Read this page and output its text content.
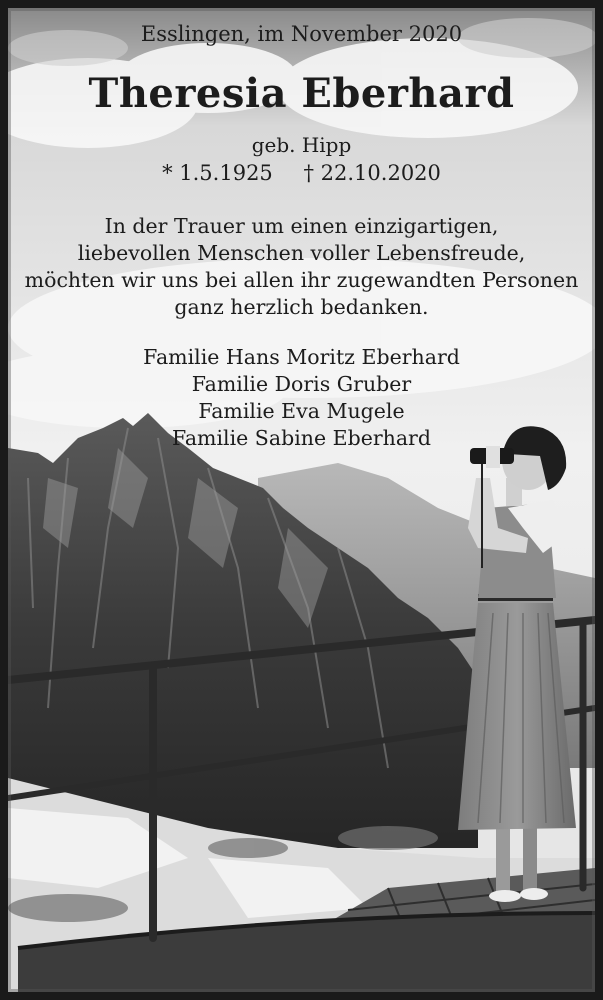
Esslingen, im November 2020
Theresia Eberhard
geb. Hipp
* 1.5.1925 † 22.10.2020
In der Trauer um einen einzigartigen,
liebevollen Menschen voller Lebensfreude,
möchten wir uns bei allen ihr zugewandten Personen
ganz herzlich bedanken.
Familie Hans Moritz Eberhard
Familie Doris Gruber
Familie Eva Mugele
Familie Sabine Eberhard
